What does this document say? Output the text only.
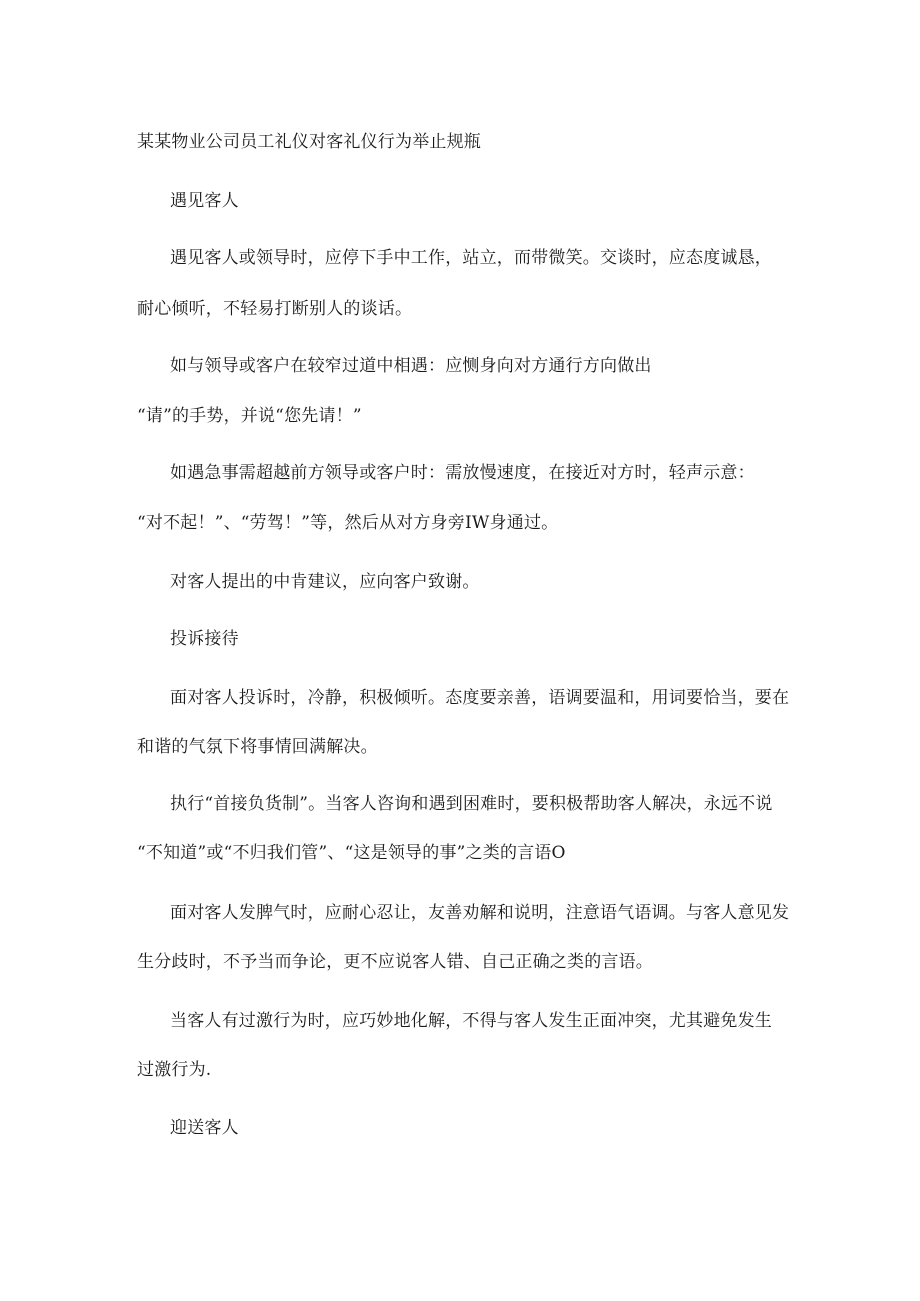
某某物业公司员工礼仪对客礼仪行为举止规瓶
遇见客人
遇见客人或领导时，应停下手中工作，站立，而带微笑。交谈时，应态度诚恳，
耐心倾听，不轻易打断别人的谈话。
如与领导或客户在较窄过道中相遇：应恻身向对方通行方向做出
“请”的手势，并说“您先请！”
如遇急事需超越前方领导或客户时：需放慢速度，在接近对方时，轻声示意：
“对不起！”、“劳驾！”等，然后从对方身旁IW身通过。
对客人提出的中肯建议，应向客户致谢。
投诉接待
面对客人投诉时，冷静，积极倾听。态度要亲善，语调要温和，用词要恰当，要在
和谐的气氛下将事情回满解决。
执行“首接负货制”。当客人咨询和遇到困难时，要积极帮助客人解决，永远不说
“不知道”或“不归我们管”、“这是领导的事”之类的言语O
面对客人发脾气时，应耐心忍让，友善劝解和说明，注意语气语调。与客人意见发
生分歧时，不予当而争论，更不应说客人错、自己正确之类的言语。
当客人有过激行为时，应巧妙地化解，不得与客人发生正面冲突，尤其避免发生
过激行为.
迎送客人
